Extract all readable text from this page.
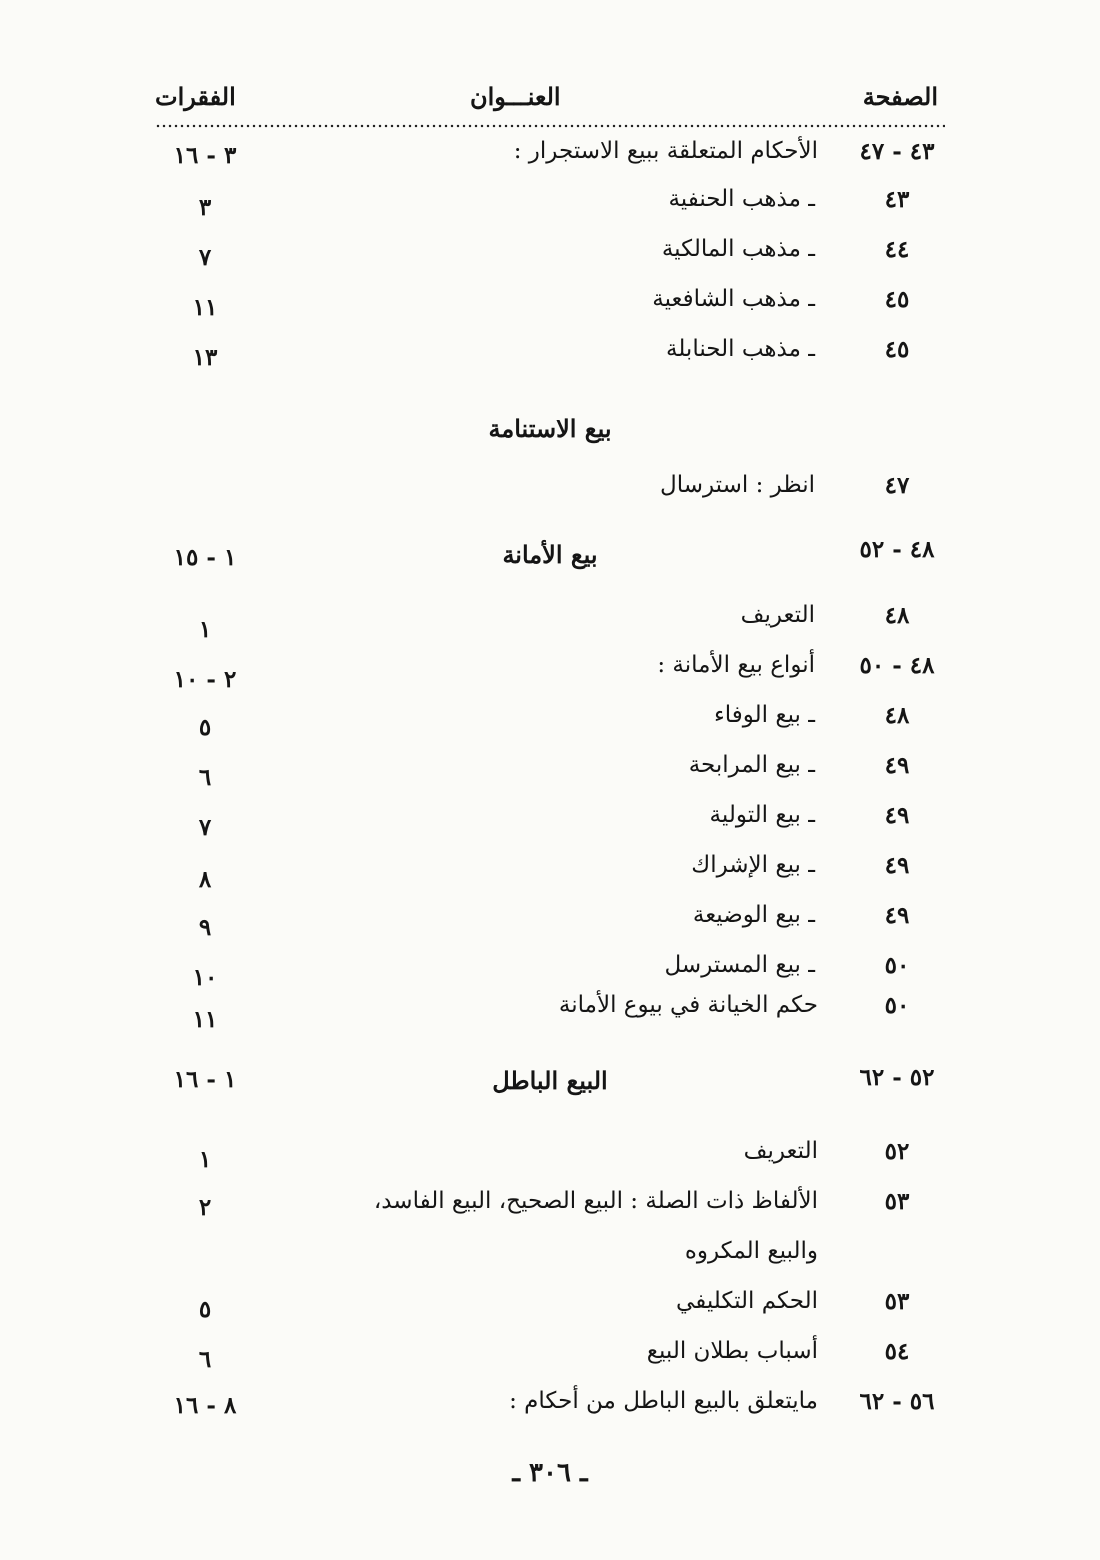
الصفحة
العنـــوان
الفقرات
٤٣ - ٤٧
الأحكام المتعلقة ببيع الاستجرار :
٣ - ١٦
٤٣
ـ مذهب الحنفية
٣
٤٤
ـ مذهب المالكية
٧
٤٥
ـ مذهب الشافعية
١١
٤٥
ـ مذهب الحنابلة
١٣
بيع الاستنامة
٤٧
انظر : استرسال
٤٨ - ٥٢
بيع الأمانة
١ - ١٥
٤٨
التعريف
١
٤٨ - ٥٠
أنواع بيع الأمانة :
٢ - ١٠
٤٨
ـ بيع الوفاء
٥
٤٩
ـ بيع المرابحة
٦
٤٩
ـ بيع التولية
٧
٤٩
ـ بيع الإشراك
٨
٤٩
ـ بيع الوضيعة
٩
٥٠
ـ بيع المسترسل
١٠
٥٠
حكم الخيانة في بيوع الأمانة
١١
٥٢ - ٦٢
البيع الباطل
١ - ١٦
٥٢
التعريف
١
٥٣
الألفاظ ذات الصلة : البيع الصحيح، البيع الفاسد،
٢
والبيع المكروه
٥٣
الحكم التكليفي
٥
٥٤
أسباب بطلان البيع
٦
٥٦ - ٦٢
مايتعلق بالبيع الباطل من أحكام :
٨ - ١٦
ـ ٣٠٦ ـ
